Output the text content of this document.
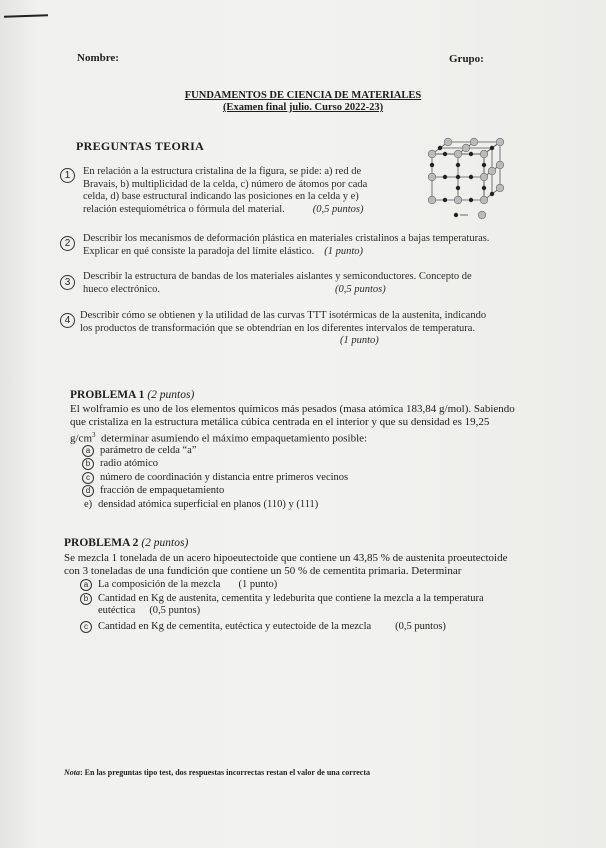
Nombre:	Grupo:
FUNDAMENTOS DE CIENCIA DE MATERIALES
(Examen final julio. Curso 2022-23)
PREGUNTAS TEORIA
1	En relación a la estructura cristalina de la figura, se pide: a) red de
Bravais, b) multiplicidad de la celda, c) número de átomos por cada
celda, d) base estructural indicando las posiciones en la celda y e)
relación estequiométrica o fórmula del material.	(0,5 puntos)
2	Describir los mecanismos de deformación plástica en materiales cristalinos a bajas temperaturas.
Explicar en qué consiste la paradoja del límite elástico. (1 punto)
3
Describir la estructura de bandas de los materiales aislantes y semiconductores. Concepto de
hueco electrónico.	(0,5 puntos)
4 Describir cómo se obtienen y la utilidad de las curvas TTT isotérmicas de la austenita, indicando
los productos de transformación que se obtendrían en los diferentes intervalos de temperatura.
(1 punto)
PROBLEMA 1 (2 puntos)
El wolframio es uno de los elementos químicos más pesados (masa atómica 183,84 g/mol). Sabiendo
que cristaliza en la estructura metálica cúbica centrada en el interior y que su densidad es 19,25
$g/cm^3$ determinar asumiendo el máximo empaquetamiento posible:
a parámetro de celda “a”
b radio atómico
c número de coordinación y distancia entre primeros vecinos
d fracción de empaquetamiento
e) densidad atómica superficial en planos (110) y (111)
PROBLEMA 2 (2 puntos)
Se mezcla 1 tonelada de un acero hipoeutectoide que contiene un 43,85 % de austenita proeutectoide
con 3 toneladas de una fundición que contiene un 50 % de cementita primaria. Determinar
a La composición de la mezcla (1 punto)
b Cantidad en Kg de austenita, cementita y ledeburita que contiene la mezcla a la temperatura
eutéctica (0,5 puntos)
c Cantidad en Kg de cementita, eutéctica y eutectoide de la mezcla (0,5 puntos)
Nota: En las preguntas tipo test, dos respuestas incorrectas restan el valor de una correcta
